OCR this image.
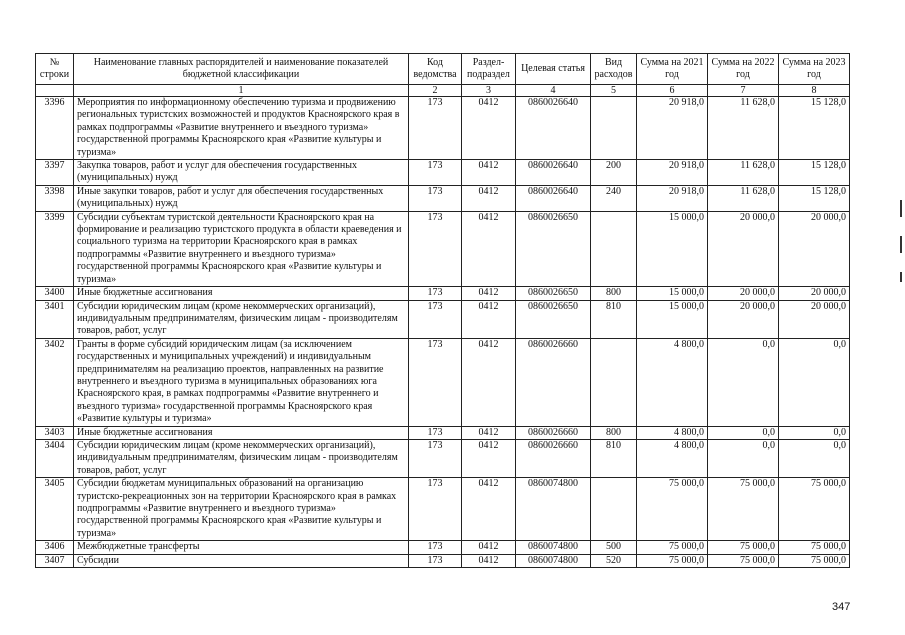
№ строки	Наименование главных распорядителей и наименование показателей бюджетной классификации	Код ведомства	Раздел-подраздел	Целевая статья	Вид расходов	Сумма на 2021 год	Сумма на 2022 год	Сумма на 2023 год
	1	2	3	4	5	6	7	8
3396	Мероприятия по информационному обеспечению туризма и продвижению региональных туристских возможностей и продуктов Красноярского края в рамках подпрограммы «Развитие внутреннего и въездного туризма» государственной программы Красноярского края «Развитие культуры и туризма»	173	0412	0860026640		20 918,0	11 628,0	15 128,0
3397	Закупка товаров, работ и услуг для обеспечения государственных (муниципальных) нужд	173	0412	0860026640	200	20 918,0	11 628,0	15 128,0
3398	Иные закупки товаров, работ и услуг для обеспечения государственных (муниципальных) нужд	173	0412	0860026640	240	20 918,0	11 628,0	15 128,0
3399	Субсидии субъектам туристской деятельности Красноярского края на формирование и реализацию туристского продукта в области краеведения и социального туризма на территории Красноярского края в рамках подпрограммы «Развитие внутреннего и въездного туризма» государственной программы Красноярского края «Развитие культуры и туризма»	173	0412	0860026650		15 000,0	20 000,0	20 000,0
3400	Иные бюджетные ассигнования	173	0412	0860026650	800	15 000,0	20 000,0	20 000,0
3401	Субсидии юридическим лицам (кроме некоммерческих организаций), индивидуальным предпринимателям, физическим лицам - производителям товаров, работ, услуг	173	0412	0860026650	810	15 000,0	20 000,0	20 000,0
3402	Гранты в форме субсидий юридическим лицам (за исключением государственных и муниципальных учреждений) и индивидуальным предпринимателям на реализацию проектов, направленных на развитие внутреннего и въездного туризма в муниципальных образованиях юга Красноярского края, в рамках подпрограммы «Развитие внутреннего и въездного туризма» государственной программы Красноярского края «Развитие культуры и туризма»	173	0412	0860026660		4 800,0	0,0	0,0
3403	Иные бюджетные ассигнования	173	0412	0860026660	800	4 800,0	0,0	0,0
3404	Субсидии юридическим лицам (кроме некоммерческих организаций), индивидуальным предпринимателям, физическим лицам - производителям товаров, работ, услуг	173	0412	0860026660	810	4 800,0	0,0	0,0
3405	Субсидии бюджетам муниципальных образований на организацию туристско-рекреационных зон на территории Красноярского края в рамках подпрограммы «Развитие внутреннего и въездного туризма» государственной программы Красноярского края «Развитие культуры и туризма»	173	0412	0860074800		75 000,0	75 000,0	75 000,0
3406	Межбюджетные трансферты	173	0412	0860074800	500	75 000,0	75 000,0	75 000,0
3407	Субсидии	173	0412	0860074800	520	75 000,0	75 000,0	75 000,0
347
